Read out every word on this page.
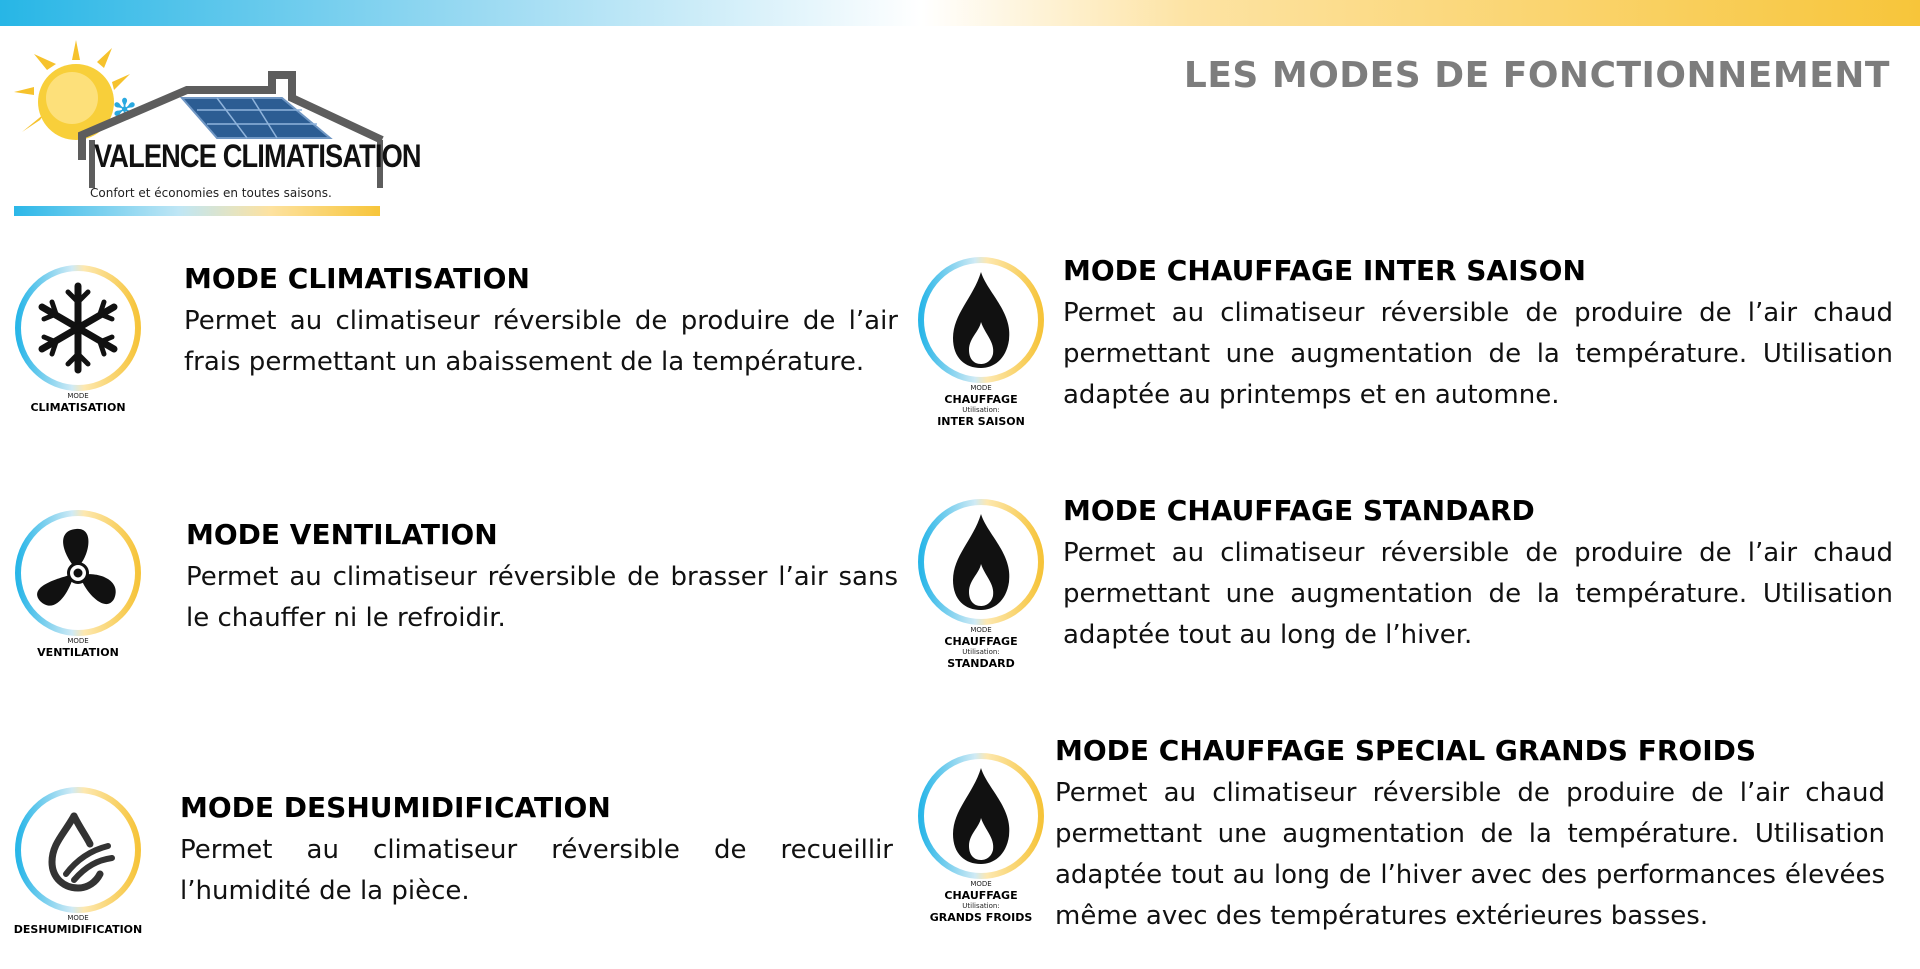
✻
VALENCE CLIMATISATION
Confort et économies en toutes saisons.
LES MODES DE FONCTIONNEMENT
MODE
CLIMATISATION
MODE CLIMATISATION

Permet au climatiseur réversible de produire de l’air frais permettant un abaissement de la température.

MODE
VENTILATION
MODE VENTILATION

Permet au climatiseur réversible de brasser l’air sans le chauffer ni le refroidir.

MODE
DESHUMIDIFICATION
MODE DESHUMIDIFICATION

Permet au climatiseur réversible de recueillir l’humidité de la pièce.

MODE
CHAUFFAGE
Utilisation:
INTER SAISON
MODE CHAUFFAGE INTER SAISON

Permet au climatiseur réversible de produire de l’air chaud permettant une augmentation de la température. Utilisation adaptée au printemps et en automne.

MODE
CHAUFFAGE
Utilisation:
STANDARD
MODE CHAUFFAGE STANDARD

Permet au climatiseur réversible de produire de l’air chaud permettant une augmentation de la température. Utilisation adaptée tout au long de l’hiver.

MODE
CHAUFFAGE
Utilisation:
GRANDS FROIDS
MODE CHAUFFAGE SPECIAL GRANDS FROIDS

Permet au climatiseur réversible de produire de l’air chaud permettant une augmentation de la température. Utilisation adaptée tout au long de l’hiver avec des performances élevées même avec des températures extérieures basses.
